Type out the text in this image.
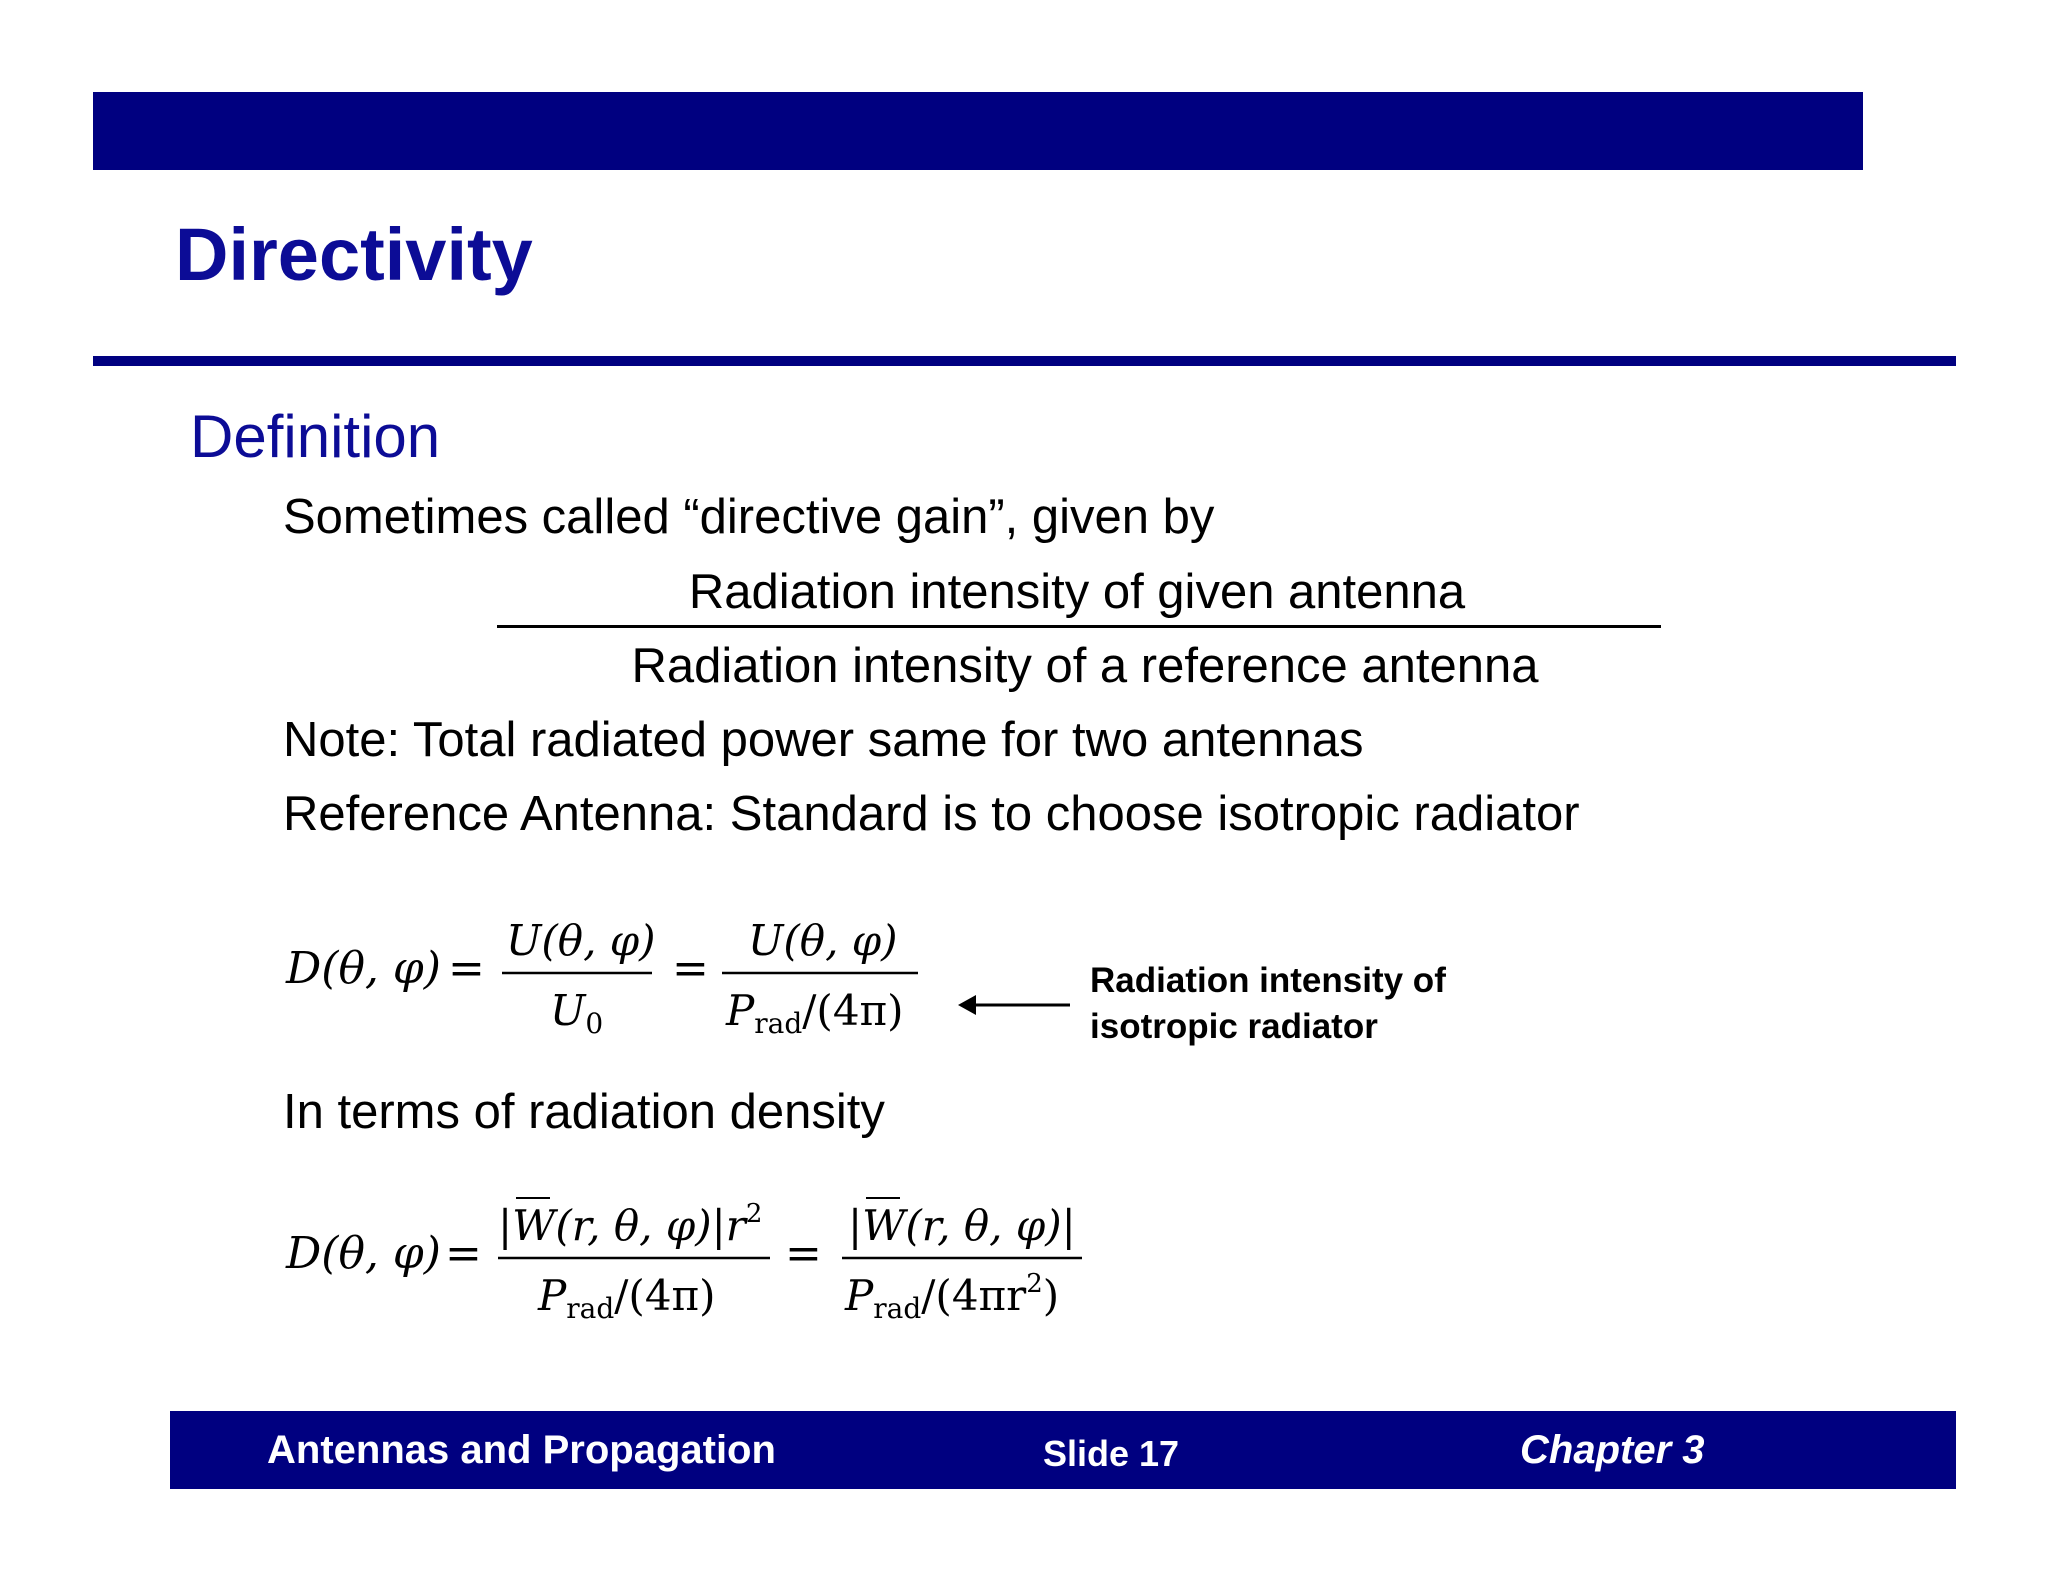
Directivity
Definition
Sometimes called “directive gain”, given by
Radiation intensity of given antenna
Radiation intensity of a reference antenna
Note: Total radiated power same for two antennas
Reference Antenna: Standard is to choose isotropic radiator
D(θ, φ) =
U(θ, φ)
U0
=
U(θ, φ)
Prad/(4π)
Radiation intensity of
isotropic radiator
In terms of radiation density
D(θ, φ) =
|W(r, θ, $\varphi)|r^2$
Prad/(4π)
=
|W(r, θ, φ)|
Prad/$(4\pi r^2)$
Antennas and Propagation	Slide 17	Chapter 3
